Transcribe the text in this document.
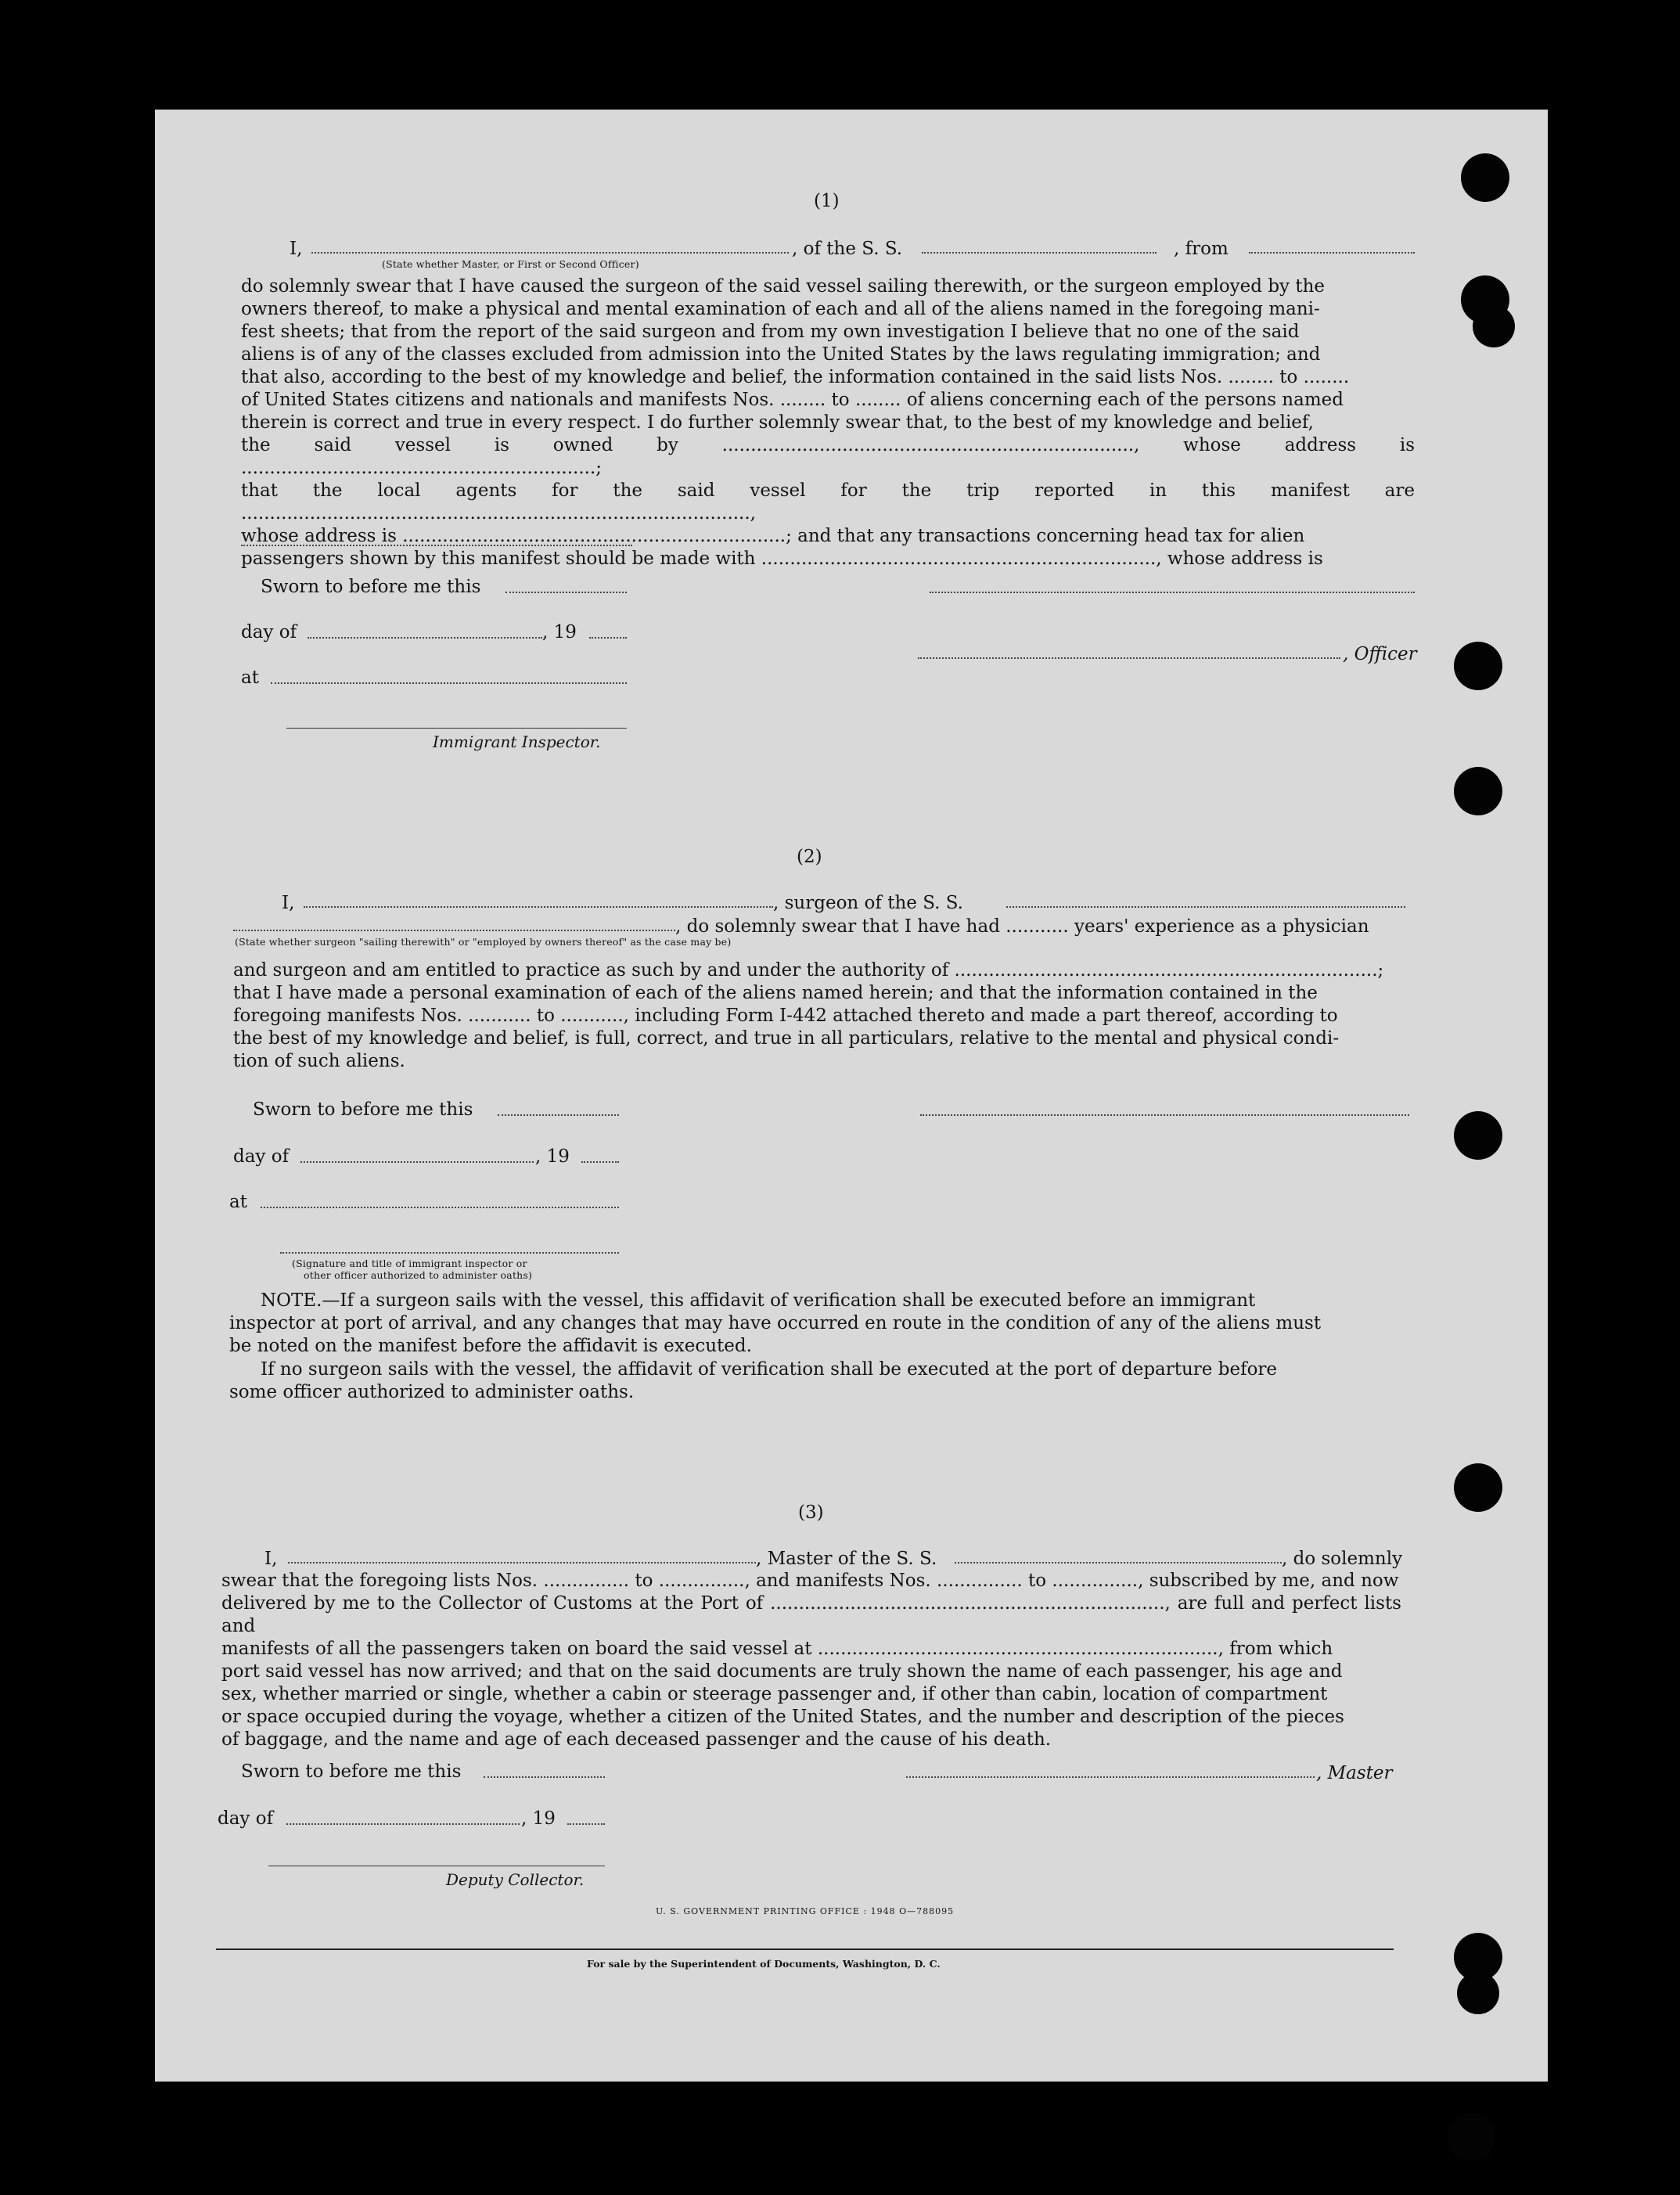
(1)
I,	, of the S. S.	, from
(State whether Master, or First or Second Officer)
do solemnly swear that I have caused the surgeon of the said vessel sailing therewith, or the surgeon employed by the
owners thereof, to make a physical and mental examination of each and all of the aliens named in the foregoing mani-
fest sheets; that from the report of the said surgeon and from my own investigation I believe that no one of the said
aliens is of any of the classes excluded from admission into the United States by the laws regulating immigration; and
that also, according to the best of my knowledge and belief, the information contained in the said lists Nos. ........ to ........
of United States citizens and nationals and manifests Nos. ........ to ........ of aliens concerning each of the persons named
therein is correct and true in every respect. I do further solemnly swear that, to the best of my knowledge and belief,
the said vessel is owned by ........................................................................, whose address is ..............................................................;
that the local agents for the said vessel for the trip reported in this manifest are .........................................................................................,
whose address is ...................................................................; and that any transactions concerning head tax for alien
passengers shown by this manifest should be made with ....................................................................., whose address is
Sworn to before me this
day of	, 19
, Officer
at
Immigrant Inspector.
(2)
I,	, surgeon of the S. S.
, do solemnly swear that I have had ........... years' experience as a physician
(State whether surgeon "sailing therewith" or "employed by owners thereof" as the case may be)
and surgeon and am entitled to practice as such by and under the authority of ..........................................................................;
that I have made a personal examination of each of the aliens named herein; and that the information contained in the
foregoing manifests Nos. ........... to ..........., including Form I-442 attached thereto and made a part thereof, according to
the best of my knowledge and belief, is full, correct, and true in all particulars, relative to the mental and physical condi-
tion of such aliens.
Sworn to before me this
day of	, 19
at
(Signature and title of immigrant inspector or
other officer authorized to administer oaths)
NOTE.—If a surgeon sails with the vessel, this affidavit of verification shall be executed before an immigrant
inspector at port of arrival, and any changes that may have occurred en route in the condition of any of the aliens must
be noted on the manifest before the affidavit is executed.
If no surgeon sails with the vessel, the affidavit of verification shall be executed at the port of departure before
some officer authorized to administer oaths.
(3)
I,	, Master of the S. S.	, do solemnly
swear that the foregoing lists Nos. ............... to ..............., and manifests Nos. ............... to ..............., subscribed by me, and now
delivered by me to the Collector of Customs at the Port of ....................................................................., are full and perfect lists and
manifests of all the passengers taken on board the said vessel at ......................................................................, from which
port said vessel has now arrived; and that on the said documents are truly shown the name of each passenger, his age and
sex, whether married or single, whether a cabin or steerage passenger and, if other than cabin, location of compartment
or space occupied during the voyage, whether a citizen of the United States, and the number and description of the pieces
of baggage, and the name and age of each deceased passenger and the cause of his death.
Sworn to before me this	, Master
day of	, 19
Deputy Collector.
U. S. GOVERNMENT PRINTING OFFICE : 1948 O—788095
For sale by the Superintendent of Documents, Washington, D. C.
